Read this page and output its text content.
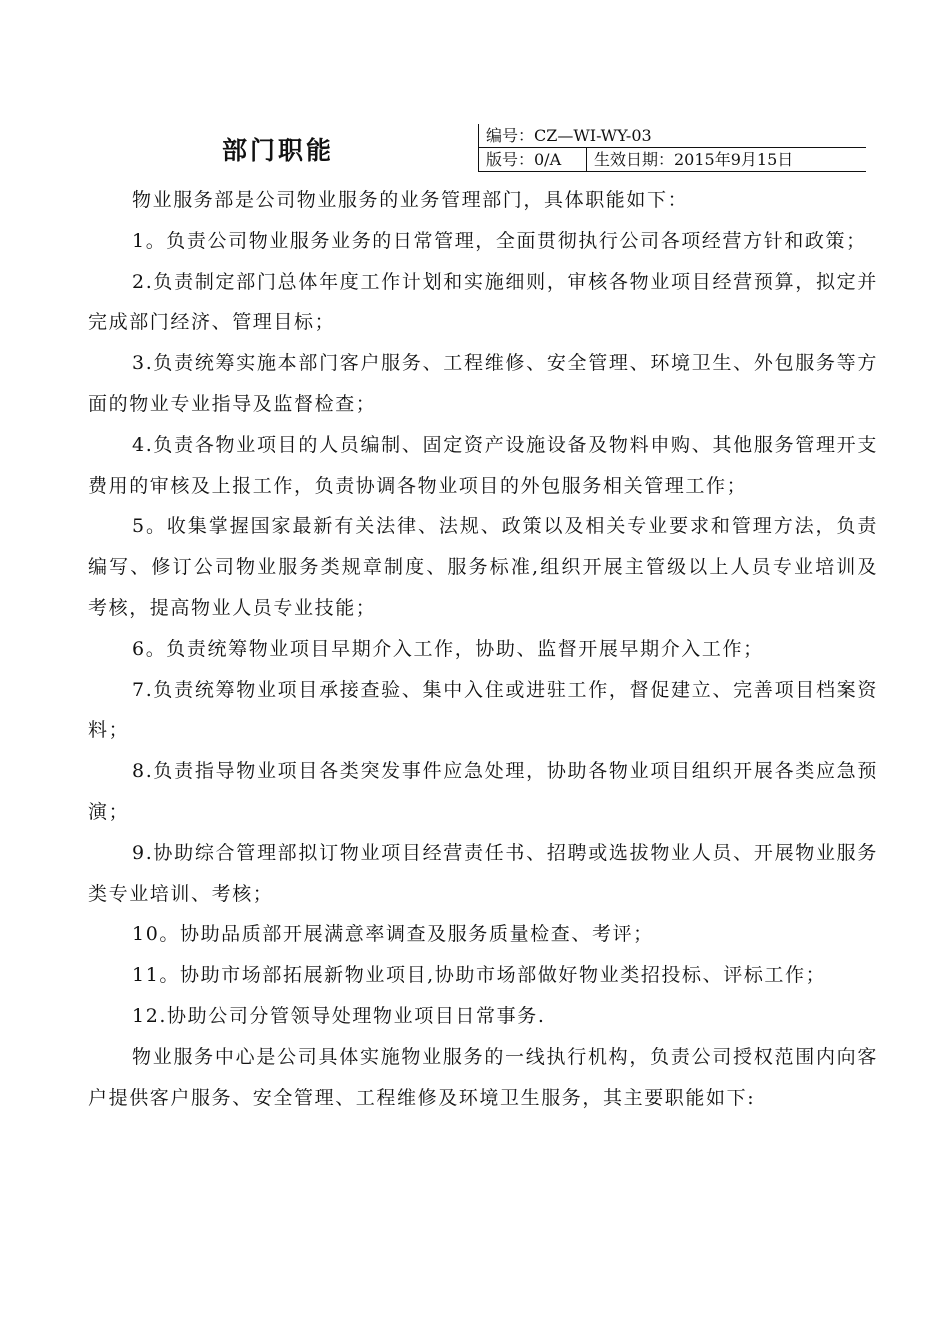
部门职能
编号：CZ—WI-WY-03
版号：0/A 生效日期：2015年9月15日

物业服务部是公司物业服务的业务管理部门，具体职能如下：

1。负责公司物业服务业务的日常管理，全面贯彻执行公司各项经营方针和政策；

2.负责制定部门总体年度工作计划和实施细则，审核各物业项目经营预算，拟定并完成部门经济、管理目标；

3.负责统筹实施本部门客户服务、工程维修、安全管理、环境卫生、外包服务等方面的物业专业指导及监督检查；

4.负责各物业项目的人员编制、固定资产设施设备及物料申购、其他服务管理开支费用的审核及上报工作，负责协调各物业项目的外包服务相关管理工作；

5。收集掌握国家最新有关法律、法规、政策以及相关专业要求和管理方法，负责编写、修订公司物业服务类规章制度、服务标准,组织开展主管级以上人员专业培训及考核，提高物业人员专业技能；

6。负责统筹物业项目早期介入工作，协助、监督开展早期介入工作；

7.负责统筹物业项目承接查验、集中入住或进驻工作，督促建立、完善项目档案资料；

8.负责指导物业项目各类突发事件应急处理，协助各物业项目组织开展各类应急预演；

9.协助综合管理部拟订物业项目经营责任书、招聘或选拔物业人员、开展物业服务类专业培训、考核；

10。协助品质部开展满意率调查及服务质量检查、考评；

11。协助市场部拓展新物业项目,协助市场部做好物业类招投标、评标工作；

12.协助公司分管领导处理物业项目日常事务.

物业服务中心是公司具体实施物业服务的一线执行机构，负责公司授权范围内向客户提供客户服务、安全管理、工程维修及环境卫生服务，其主要职能如下:
